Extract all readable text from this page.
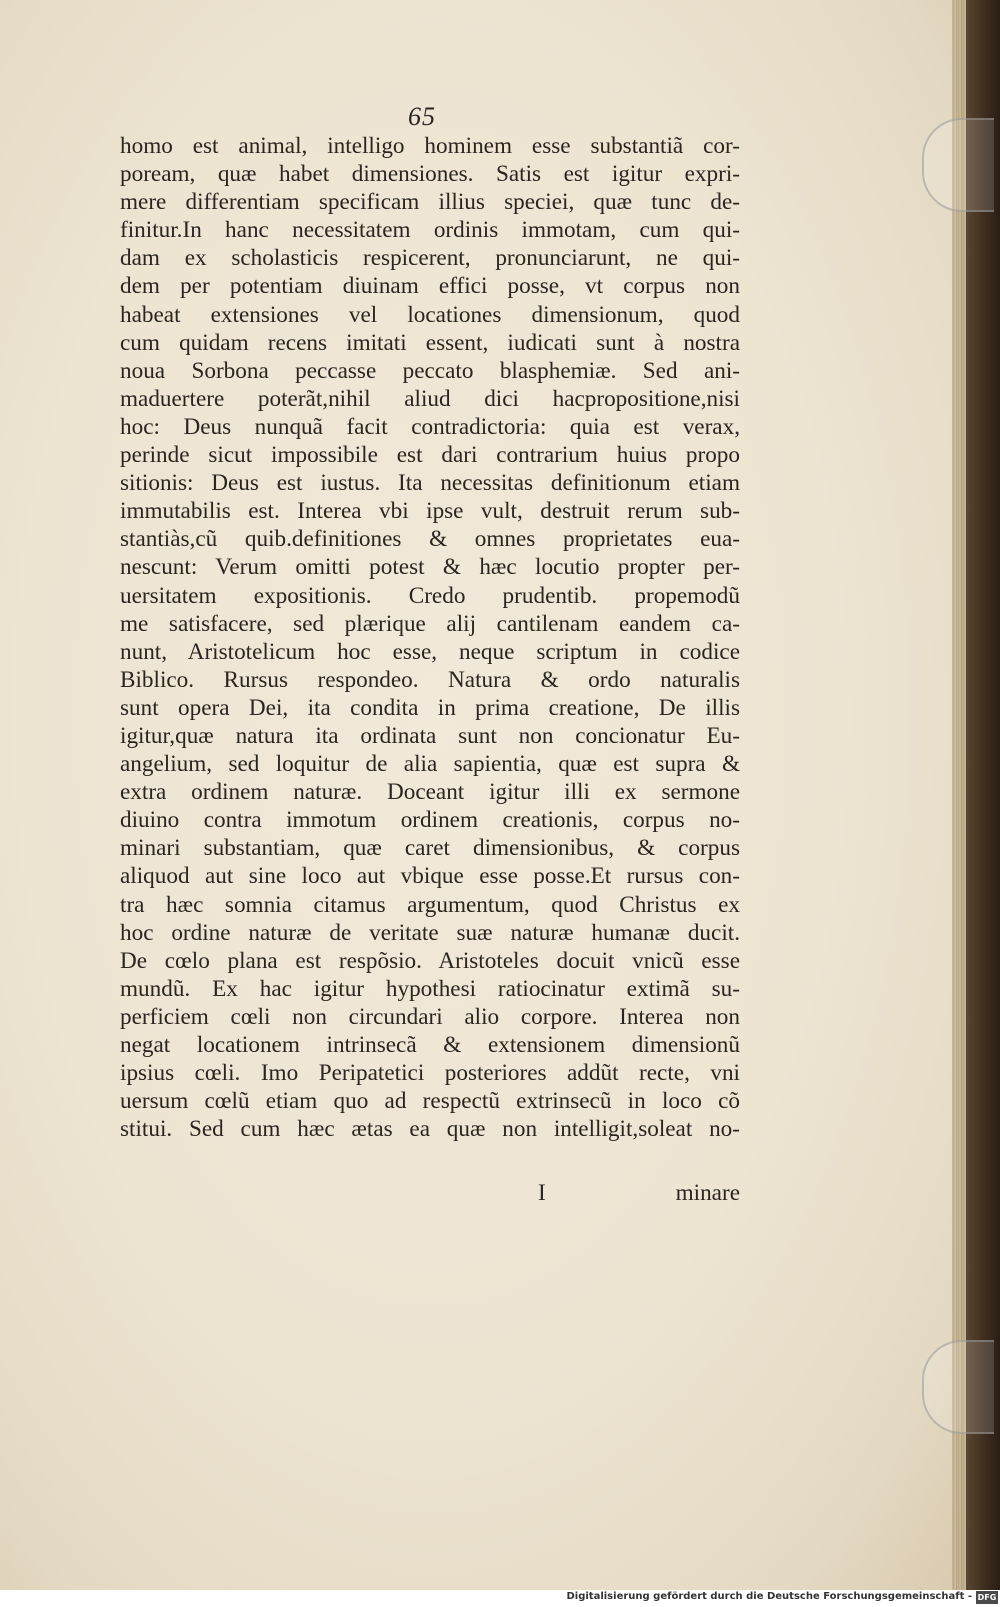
65
homo est animal, intelligo hominem esse substantiã cor-
poream, quæ habet dimensiones. Satis est igitur expri-
mere differentiam specificam illius speciei, quæ tunc de-
finitur.In hanc necessitatem ordinis immotam, cum qui-
dam ex scholasticis respicerent, pronunciarunt, ne qui-
dem per potentiam diuinam effici posse, vt corpus non
habeat extensiones vel locationes dimensionum, quod
cum quidam recens imitati essent, iudicati sunt à nostra
noua Sorbona peccasse peccato blasphemiæ. Sed ani-
maduertere poterãt,nihil aliud dici hacpropositione,nisi
hoc: Deus nunquã facit contradictoria: quia est verax,
perinde sicut impossibile est dari contrarium huius propo
sitionis: Deus est iustus. Ita necessitas definitionum etiam
immutabilis est. Interea vbi ipse vult, destruit rerum sub-
stantiàs,cũ quib.definitiones & omnes proprietates eua-
nescunt: Verum omitti potest & hæc locutio propter per-
uersitatem expositionis. Credo prudentib. propemodũ
me satisfacere, sed plærique alij cantilenam eandem ca-
nunt, Aristotelicum hoc esse, neque scriptum in codice
Biblico. Rursus respondeo. Natura & ordo naturalis
sunt opera Dei, ita condita in prima creatione, De illis
igitur,quæ natura ita ordinata sunt non concionatur Eu-
angelium, sed loquitur de alia sapientia, quæ est supra &
extra ordinem naturæ. Doceant igitur illi ex sermone
diuino contra immotum ordinem creationis, corpus no-
minari substantiam, quæ caret dimensionibus, & corpus
aliquod aut sine loco aut vbique esse posse.Et rursus con-
tra hæc somnia citamus argumentum, quod Christus ex
hoc ordine naturæ de veritate suæ naturæ humanæ ducit.
De cœlo plana est respõsio. Aristoteles docuit vnicũ esse
mundũ. Ex hac igitur hypothesi ratiocinatur extimã su-
perficiem cœli non circundari alio corpore. Interea non
negat locationem intrinsecã & extensionem dimensionũ
ipsius cœli. Imo Peripatetici posteriores addũt recte, vni
uersum cœlũ etiam quo ad respectũ extrinsecũ in loco cõ
stitui. Sed cum hæc ætas ea quæ non intelligit,soleat no-
I	minare
Digitalisierung gefördert durch die Deutsche Forschungsgemeinschaft - DFG
